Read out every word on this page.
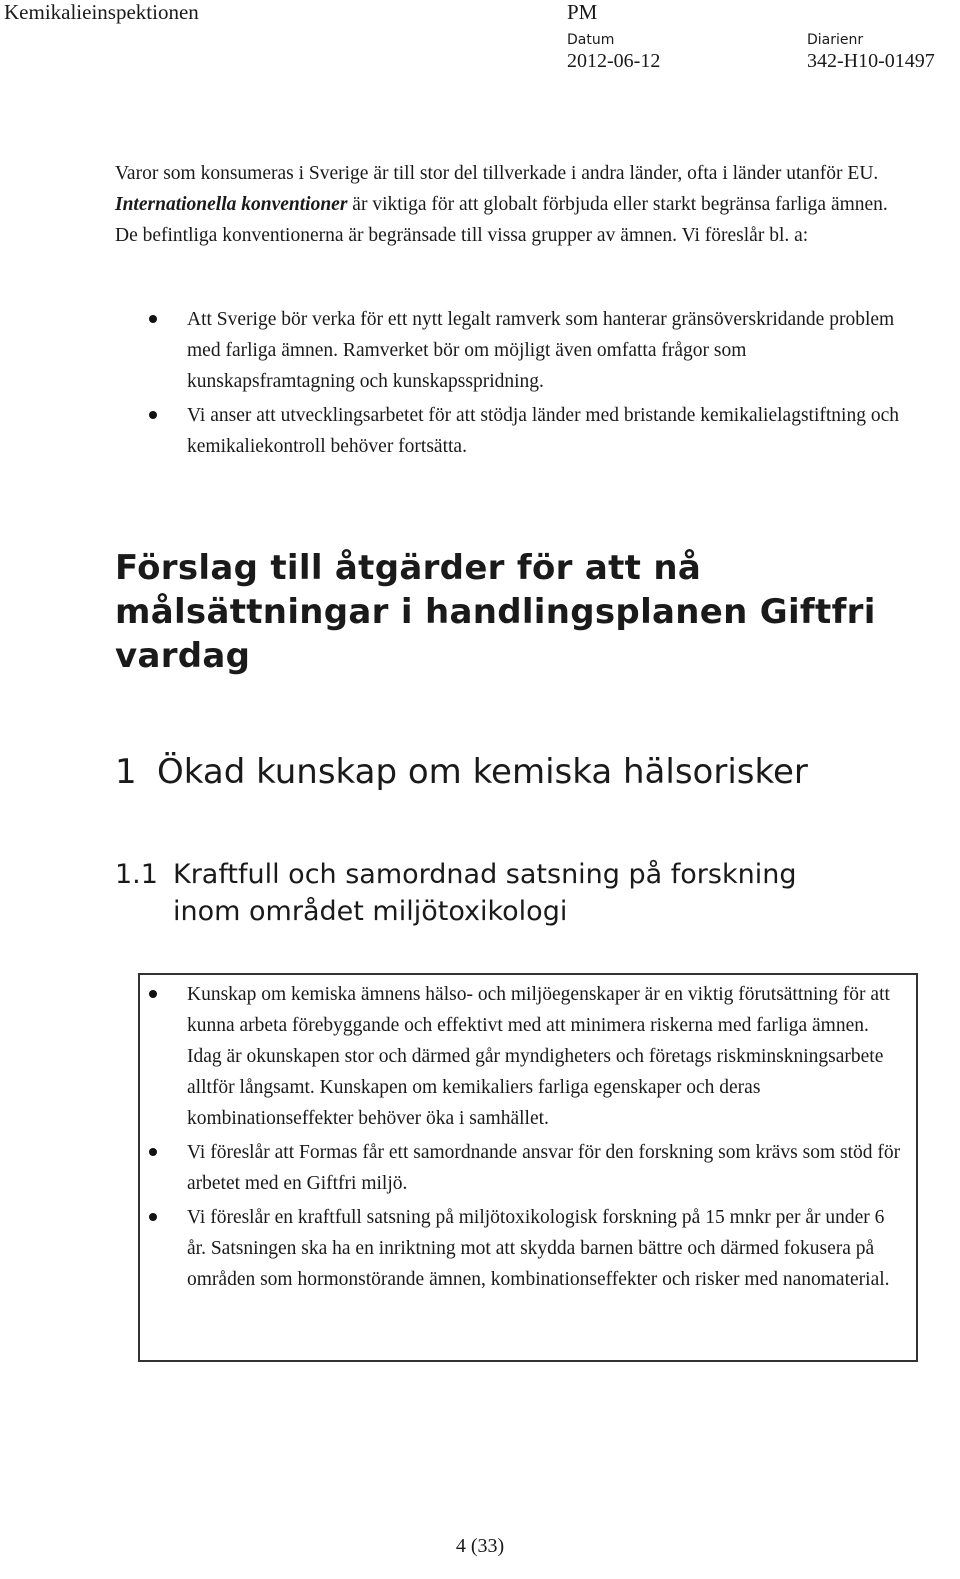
Kemikalieinspektionen	PM
Datum
2012-06-12
Diarienr
342-H10-01497
Varor som konsumeras i Sverige är till stor del tillverkade i andra länder, ofta i länder utanför EU. Internationella konventioner är viktiga för att globalt förbjuda eller starkt begränsa farliga ämnen. De befintliga konventionerna är begränsade till vissa grupper av ämnen. Vi föreslår bl. a:
Att Sverige bör verka för ett nytt legalt ramverk som hanterar gränsöverskridande problem med farliga ämnen. Ramverket bör om möjligt även omfatta frågor som kunskapsframtagning och kunskapsspridning.
Vi anser att utvecklingsarbetet för att stödja länder med bristande kemikalielagstiftning och kemikaliekontroll behöver fortsätta.
Förslag till åtgärder för att nå målsättningar i handlingsplanen Giftfri vardag
1 Ökad kunskap om kemiska hälsorisker
1.1 Kraftfull och samordnad satsning på forskning
inom området miljötoxikologi
Kunskap om kemiska ämnens hälso- och miljöegenskaper är en viktig förutsättning för att kunna arbeta förebyggande och effektivt med att minimera riskerna med farliga ämnen. Idag är okunskapen stor och därmed går myndigheters och företags riskminskningsarbete alltför långsamt. Kunskapen om kemikaliers farliga egenskaper och deras kombinationseffekter behöver öka i samhället.
Vi föreslår att Formas får ett samordnande ansvar för den forskning som krävs som stöd för arbetet med en Giftfri miljö.
Vi föreslår en kraftfull satsning på miljötoxikologisk forskning på 15 mnkr per år under 6 år. Satsningen ska ha en inriktning mot att skydda barnen bättre och därmed fokusera på områden som hormonstörande ämnen, kombinationseffekter och risker med nanomaterial.
4 (33)
